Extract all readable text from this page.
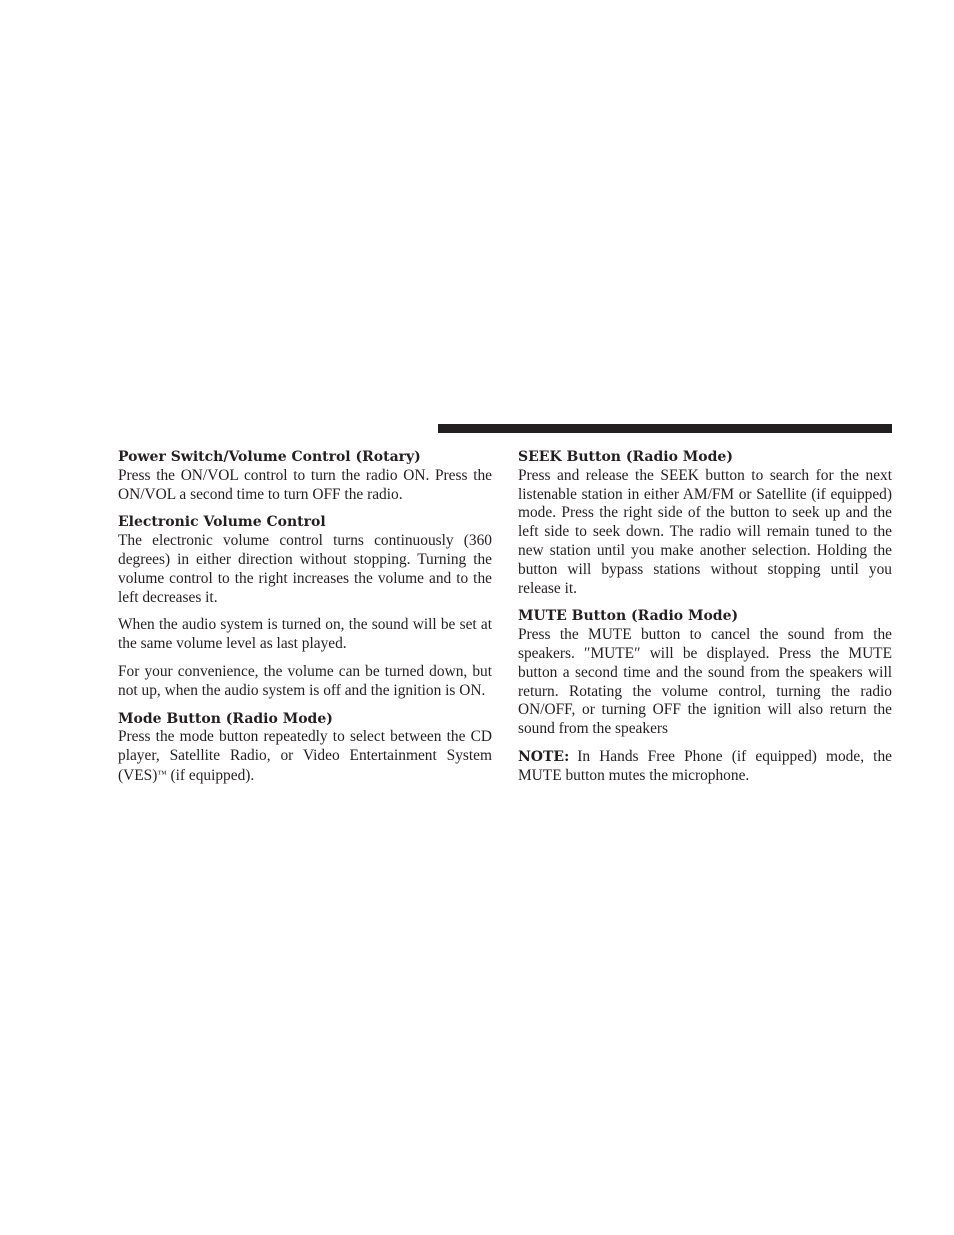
Power Switch/Volume Control (Rotary)

Press the ON/VOL control to turn the radio ON. Press the ON/VOL a second time to turn OFF the radio.

Electronic Volume Control

The electronic volume control turns continuously (360 degrees) in either direction without stopping. Turning the volume control to the right increases the volume and to the left decreases it.

When the audio system is turned on, the sound will be set at the same volume level as last played.

For your convenience, the volume can be turned down, but not up, when the audio system is off and the ignition is ON.

Mode Button (Radio Mode)

Press the mode button repeatedly to select between the CD player, Satellite Radio, or Video Entertainment System (VES)™ (if equipped).

SEEK Button (Radio Mode)

Press and release the SEEK button to search for the next listenable station in either AM/FM or Satellite (if equipped) mode. Press the right side of the button to seek up and the left side to seek down. The radio will remain tuned to the new station until you make another selection. Holding the button will bypass stations without stopping until you release it.

MUTE Button (Radio Mode)

Press the MUTE button to cancel the sound from the speakers. ″MUTE″ will be displayed. Press the MUTE button a second time and the sound from the speakers will return. Rotating the volume control, turning the radio ON/OFF, or turning OFF the ignition will also return the sound from the speakers

NOTE: In Hands Free Phone (if equipped) mode, the MUTE button mutes the microphone.
